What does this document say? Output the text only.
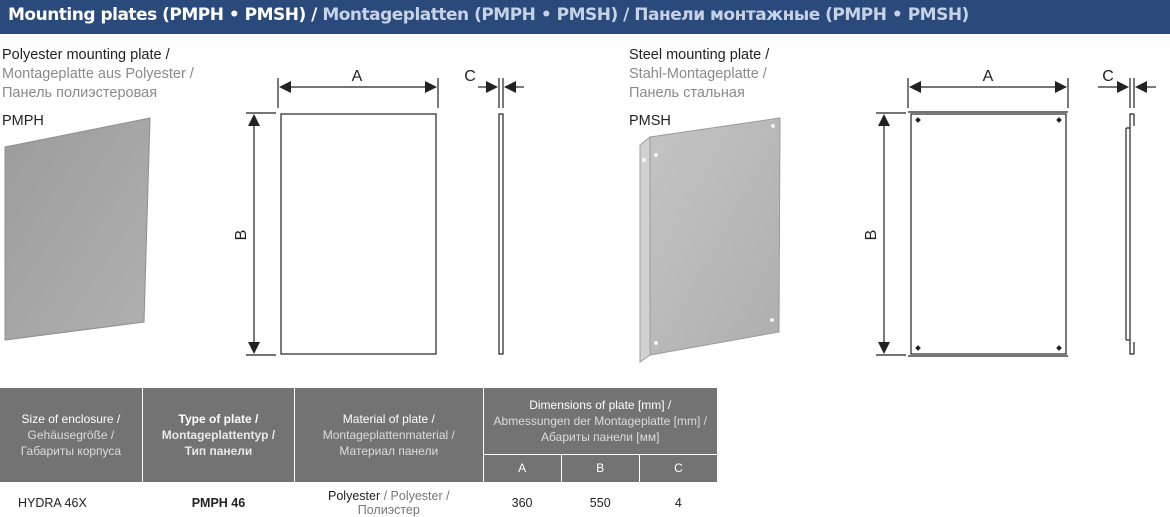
Mounting plates (PMPH • PMSH) / Montageplatten (PMPH • PMSH) / Панели монтажные (PMPH • PMSH)
Polyester mounting plate /
Montageplatte aus Polyester /
Панель полиэстеровая
PMPH
Steel mounting plate /
Stahl-Montageplatte /
Панель стальная
PMSH
A
B
C	A
B
C
Size of enclosure /
Gehäusegröße /
Габариты корпуса	Type of plate /
Montageplattentyp /
Тип панели	Material of plate /
Montageplattenmaterial /
Материал панели	Dimensions of plate [mm] /
Abmessungen der Montageplatte [mm] /
Абариты панели [мм]		

			A	B	C
HYDRA 46X	PMPH 46	Polyester / Polyester / Полиэстер	360	550	4
